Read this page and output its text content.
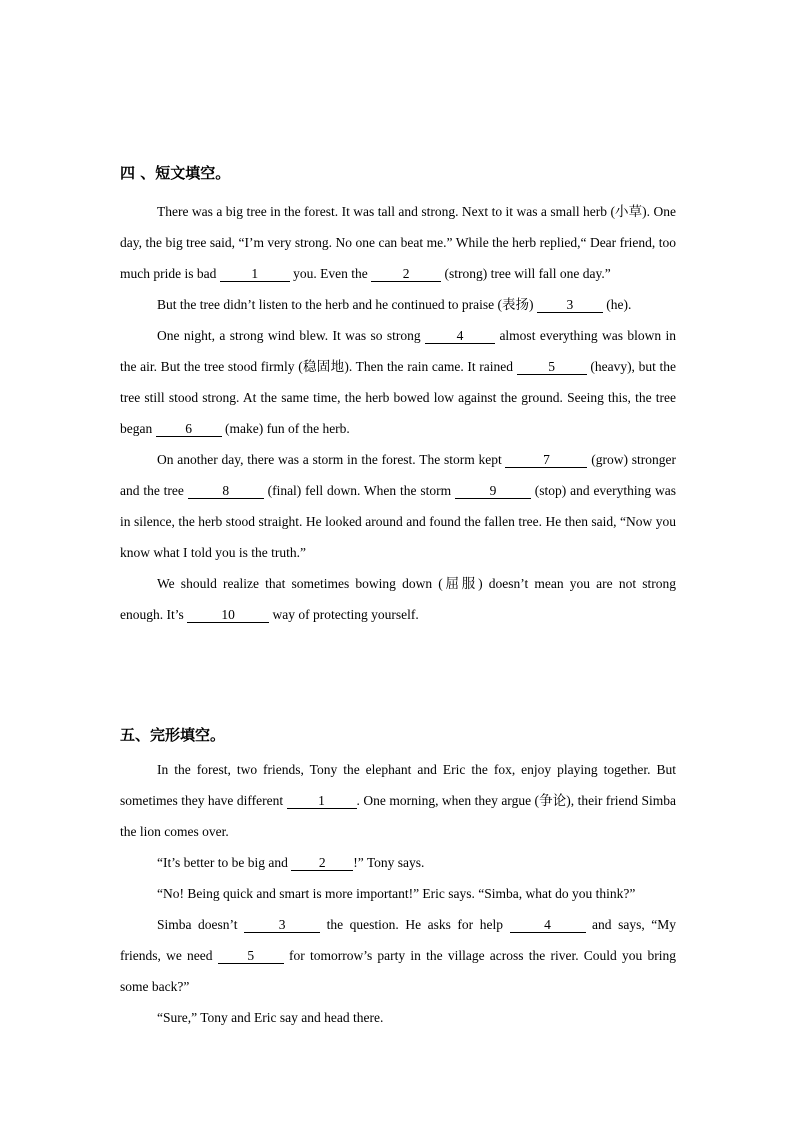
四 、短文填空。

There was a big tree in the forest. It was tall and strong. Next to it was a small herb (小草). One day, the big tree said, “I’m very strong. No one can beat me.” While the herb replied,“ Dear friend, too much pride is bad 1 you. Even the 2 (strong) tree will fall one day.”

But the tree didn’t listen to the herb and he continued to praise (表扬) 3 (he).

One night, a strong wind blew. It was so strong 4 almost everything was blown in the air. But the tree stood firmly (稳固地). Then the rain came. It rained 5 (heavy), but the tree still stood strong. At the same time, the herb bowed low against the ground. Seeing this, the tree began 6 (make) fun of the herb.

On another day, there was a storm in the forest. The storm kept	7	(grow) stronger and the tree	8	(final) fell down. When the storm	9	(stop) and everything was in silence, the herb stood straight. He looked around and found the fallen tree. He then said, “Now you know what I told you is the truth.”

We should realize that sometimes bowing down (屈服) doesn’t mean you are not strong enough. It’s	10	way of protecting yourself.

五、完形填空。

In the forest, two friends, Tony the elephant and Eric the fox, enjoy playing together. But sometimes they have different 1 . One morning, when they argue (争论), their friend Simba the lion comes over.

“It’s better to be big and 2 !” Tony says.

“No! Being quick and smart is more important!” Eric says. “Simba, what do you think?”

Simba doesn’t	3	the question. He asks for help	4	and says, “My friends, we need 5 for tomorrow’s party in the village across the river. Could you bring some back?”

“Sure,” Tony and Eric say and head there.
